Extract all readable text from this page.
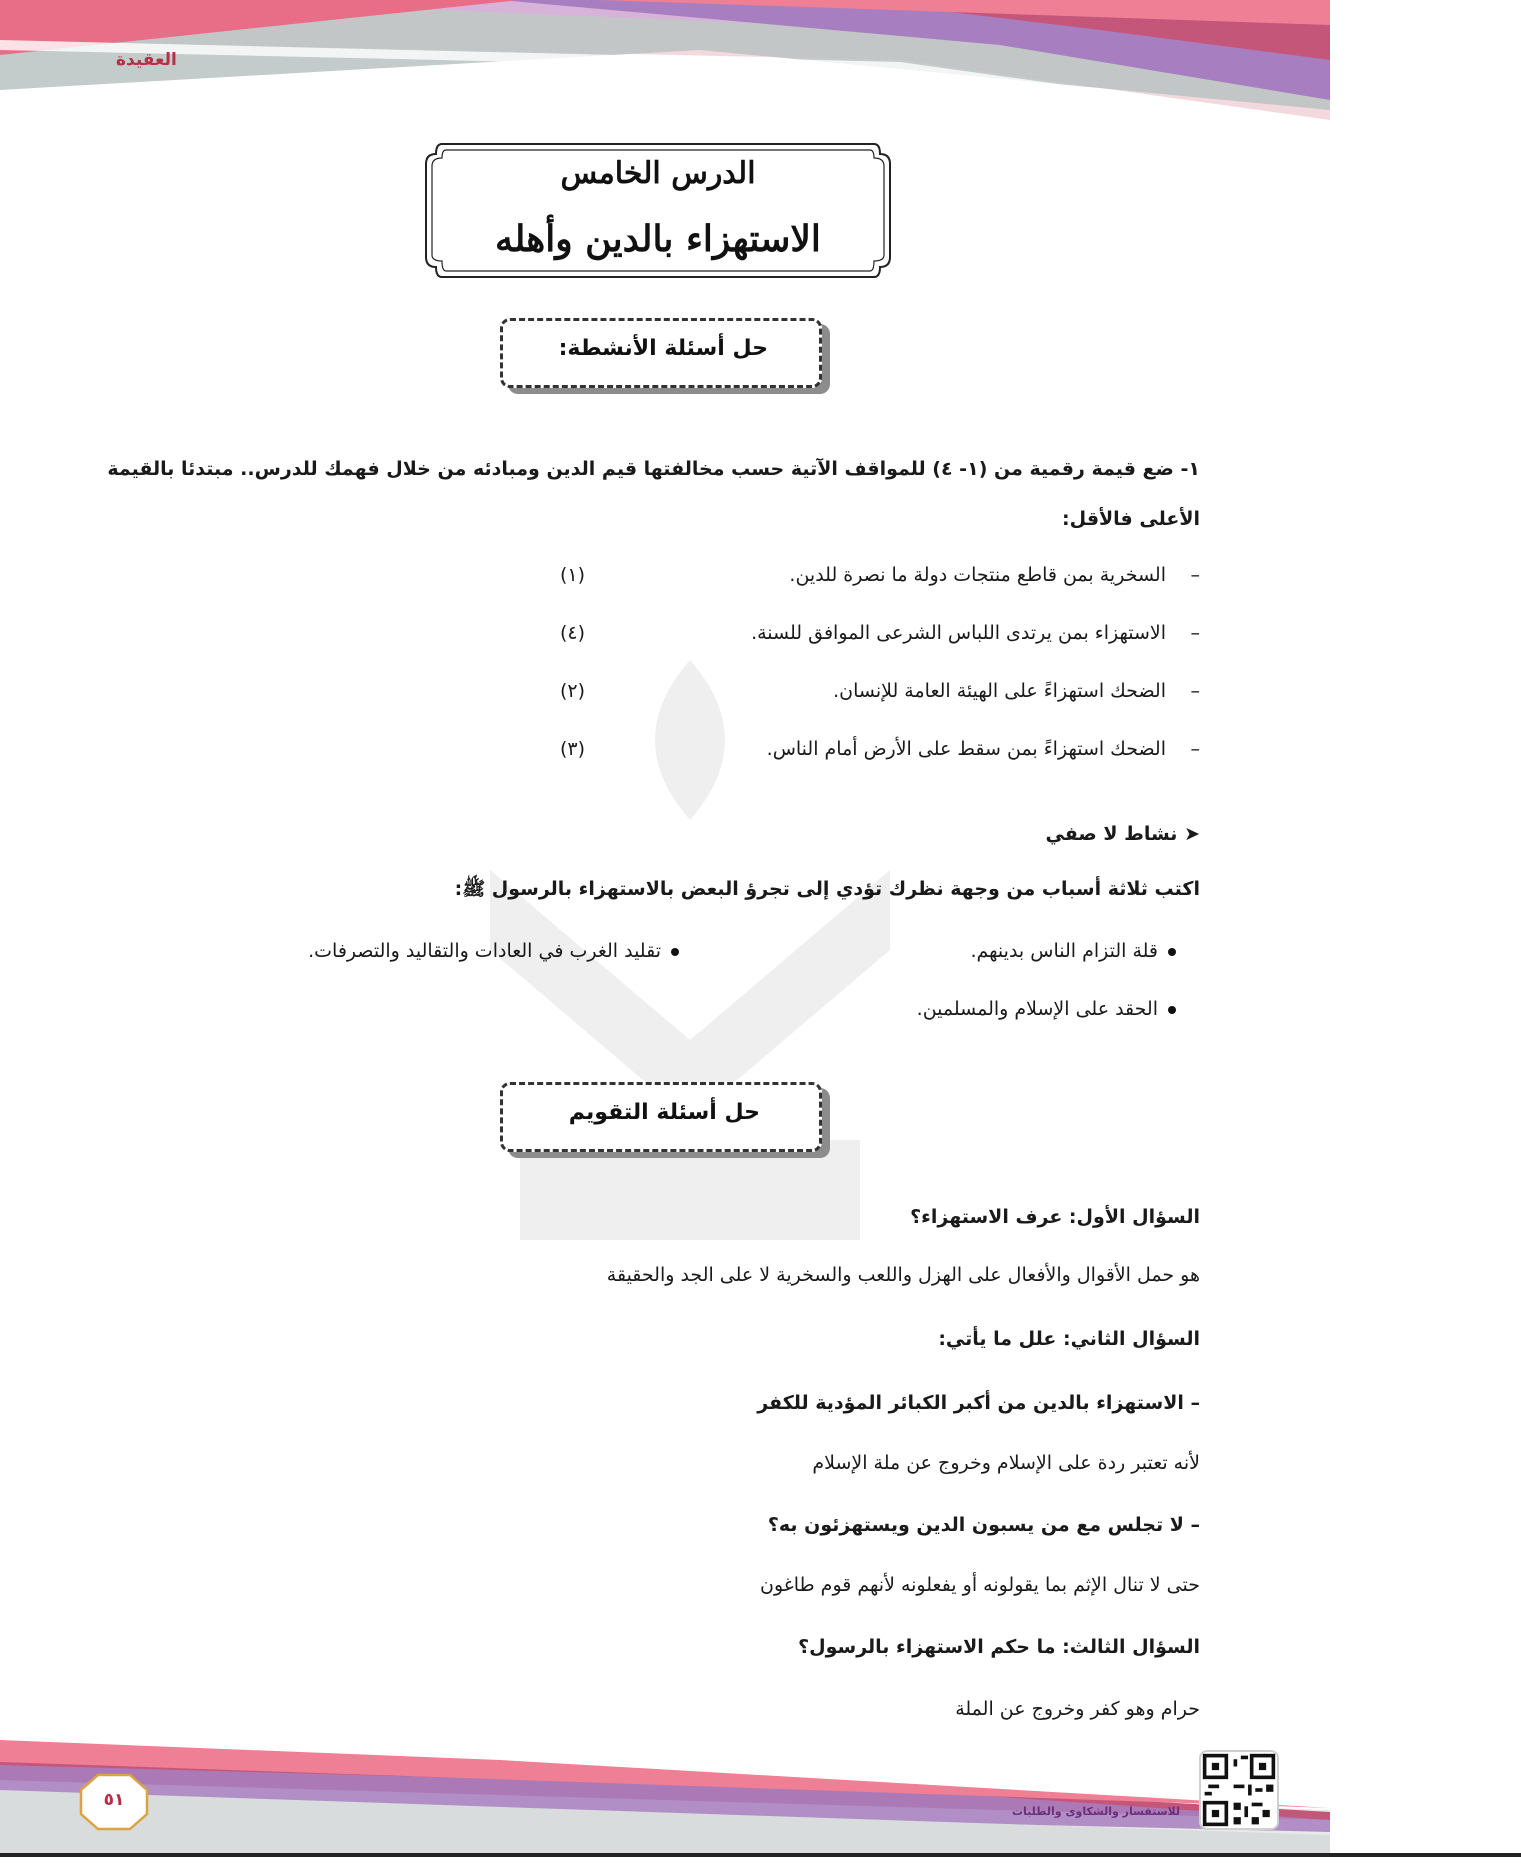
العقيدة
الدرس الخامس
الاستهزاء بالدين وأهله
حل أسئلة الأنشطة:
١- ضع قيمة رقمية من (١- ٤) للمواقف الآتية حسب مخالفتها قيم الدين ومبادئه من خلال فهمك للدرس.. مبتدئا بالقيمة
الأعلى فالأقل:
–
السخرية بمن قاطع منتجات دولة ما نصرة للدين.
(١)
–
الاستهزاء بمن يرتدى اللباس الشرعى الموافق للسنة.
(٤)
–
الضحك استهزاءً على الهيئة العامة للإنسان.
(٢)
–
الضحك استهزاءً بمن سقط على الأرض أمام الناس.
(٣)
➤ نشاط لا صفي
اكتب ثلاثة أسباب من وجهة نظرك تؤدي إلى تجرؤ البعض بالاستهزاء بالرسول ﷺ:
قلة التزام الناس بدينهم.
تقليد الغرب في العادات والتقاليد والتصرفات.
الحقد على الإسلام والمسلمين.
حل أسئلة التقويم
السؤال الأول: عرف الاستهزاء؟
هو حمل الأقوال والأفعال على الهزل واللعب والسخرية لا على الجد والحقيقة
السؤال الثاني: علل ما يأتي:
– الاستهزاء بالدين من أكبر الكبائر المؤدية للكفر
لأنه تعتبر ردة على الإسلام وخروج عن ملة الإسلام
– لا تجلس مع من يسبون الدين ويستهزئون به؟
حتى لا تنال الإثم بما يقولونه أو يفعلونه لأنهم قوم طاغون
السؤال الثالث: ما حكم الاستهزاء بالرسول؟
حرام وهو كفر وخروج عن الملة
للاستفسار والشكاوى والطلبات
٥١
